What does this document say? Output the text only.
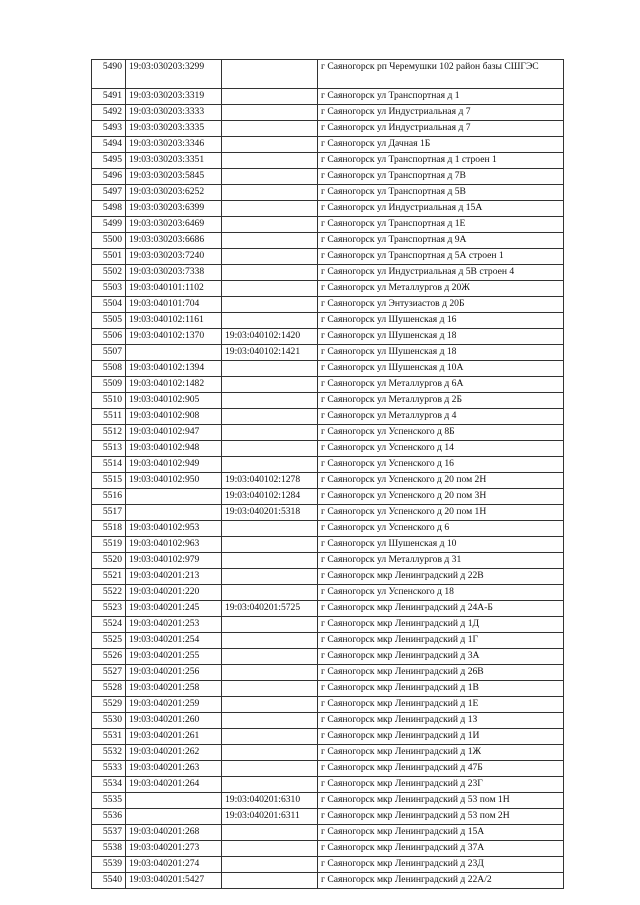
5490	19:03:030203:3299		г Саяногорск рп Черемушки 102 район базы СШГЭС
5491	19:03:030203:3319		г Саяногорск ул Транспортная д 1
5492	19:03:030203:3333		г Саяногорск ул Индустриальная д 7
5493	19:03:030203:3335		г Саяногорск ул Индустриальная д 7
5494	19:03:030203:3346		г Саяногорск ул Дачная 1Б
5495	19:03:030203:3351		г Саяногорск ул Транспортная д 1 строен 1
5496	19:03:030203:5845		г Саяногорск ул Транспортная д 7В
5497	19:03:030203:6252		г Саяногорск ул Транспортная д 5В
5498	19:03:030203:6399		г Саяногорск ул Индустриальная д 15А
5499	19:03:030203:6469		г Саяногорск ул Транспортная д 1Е
5500	19:03:030203:6686		г Саяногорск ул Транспортная д 9А
5501	19:03:030203:7240		г Саяногорск ул Транспортная д 5А строен 1
5502	19:03:030203:7338		г Саяногорск ул Индустриальная д 5В строен 4
5503	19:03:040101:1102		г Саяногорск ул Металлургов д 20Ж
5504	19:03:040101:704		г Саяногорск ул Энтузиастов д 20Б
5505	19:03:040102:1161		г Саяногорск ул Шушенская д 16
5506	19:03:040102:1370	19:03:040102:1420	г Саяногорск ул Шушенская д 18
5507		19:03:040102:1421	г Саяногорск ул Шушенская д 18
5508	19:03:040102:1394		г Саяногорск ул Шушенская д 10А
5509	19:03:040102:1482		г Саяногорск ул Металлургов д 6А
5510	19:03:040102:905		г Саяногорск ул Металлургов д 2Б
5511	19:03:040102:908		г Саяногорск ул Металлургов д 4
5512	19:03:040102:947		г Саяногорск ул Успенского д 8Б
5513	19:03:040102:948		г Саяногорск ул Успенского д 14
5514	19:03:040102:949		г Саяногорск ул Успенского д 16
5515	19:03:040102:950	19:03:040102:1278	г Саяногорск ул Успенского д 20 пом 2Н
5516		19:03:040102:1284	г Саяногорск ул Успенского д 20 пом 3Н
5517		19:03:040201:5318	г Саяногорск ул Успенского д 20 пом 1Н
5518	19:03:040102:953		г Саяногорск ул Успенского д 6
5519	19:03:040102:963		г Саяногорск ул Шушенская д 10
5520	19:03:040102:979		г Саяногорск ул Металлургов д 31
5521	19:03:040201:213		г Саяногорск мкр Ленинградский д 22В
5522	19:03:040201:220		г Саяногорск ул Успенского д 18
5523	19:03:040201:245	19:03:040201:5725	г Саяногорск мкр Ленинградский д 24А-Б
5524	19:03:040201:253		г Саяногорск мкр Ленинградский д 1Д
5525	19:03:040201:254		г Саяногорск мкр Ленинградский д 1Г
5526	19:03:040201:255		г Саяногорск мкр Ленинградский д 3А
5527	19:03:040201:256		г Саяногорск мкр Ленинградский д 26В
5528	19:03:040201:258		г Саяногорск мкр Ленинградский д 1В
5529	19:03:040201:259		г Саяногорск мкр Ленинградский д 1Е
5530	19:03:040201:260		г Саяногорск мкр Ленинградский д 1З
5531	19:03:040201:261		г Саяногорск мкр Ленинградский д 1И
5532	19:03:040201:262		г Саяногорск мкр Ленинградский д 1Ж
5533	19:03:040201:263		г Саяногорск мкр Ленинградский д 47Б
5534	19:03:040201:264		г Саяногорск мкр Ленинградский д 23Г
5535		19:03:040201:6310	г Саяногорск мкр Ленинградский д 53 пом 1Н
5536		19:03:040201:6311	г Саяногорск мкр Ленинградский д 53 пом 2Н
5537	19:03:040201:268		г Саяногорск мкр Ленинградский д 15А
5538	19:03:040201:273		г Саяногорск мкр Ленинградский д 37А
5539	19:03:040201:274		г Саяногорск мкр Ленинградский д 23Д
5540	19:03:040201:5427		г Саяногорск мкр Ленинградский д 22А/2
